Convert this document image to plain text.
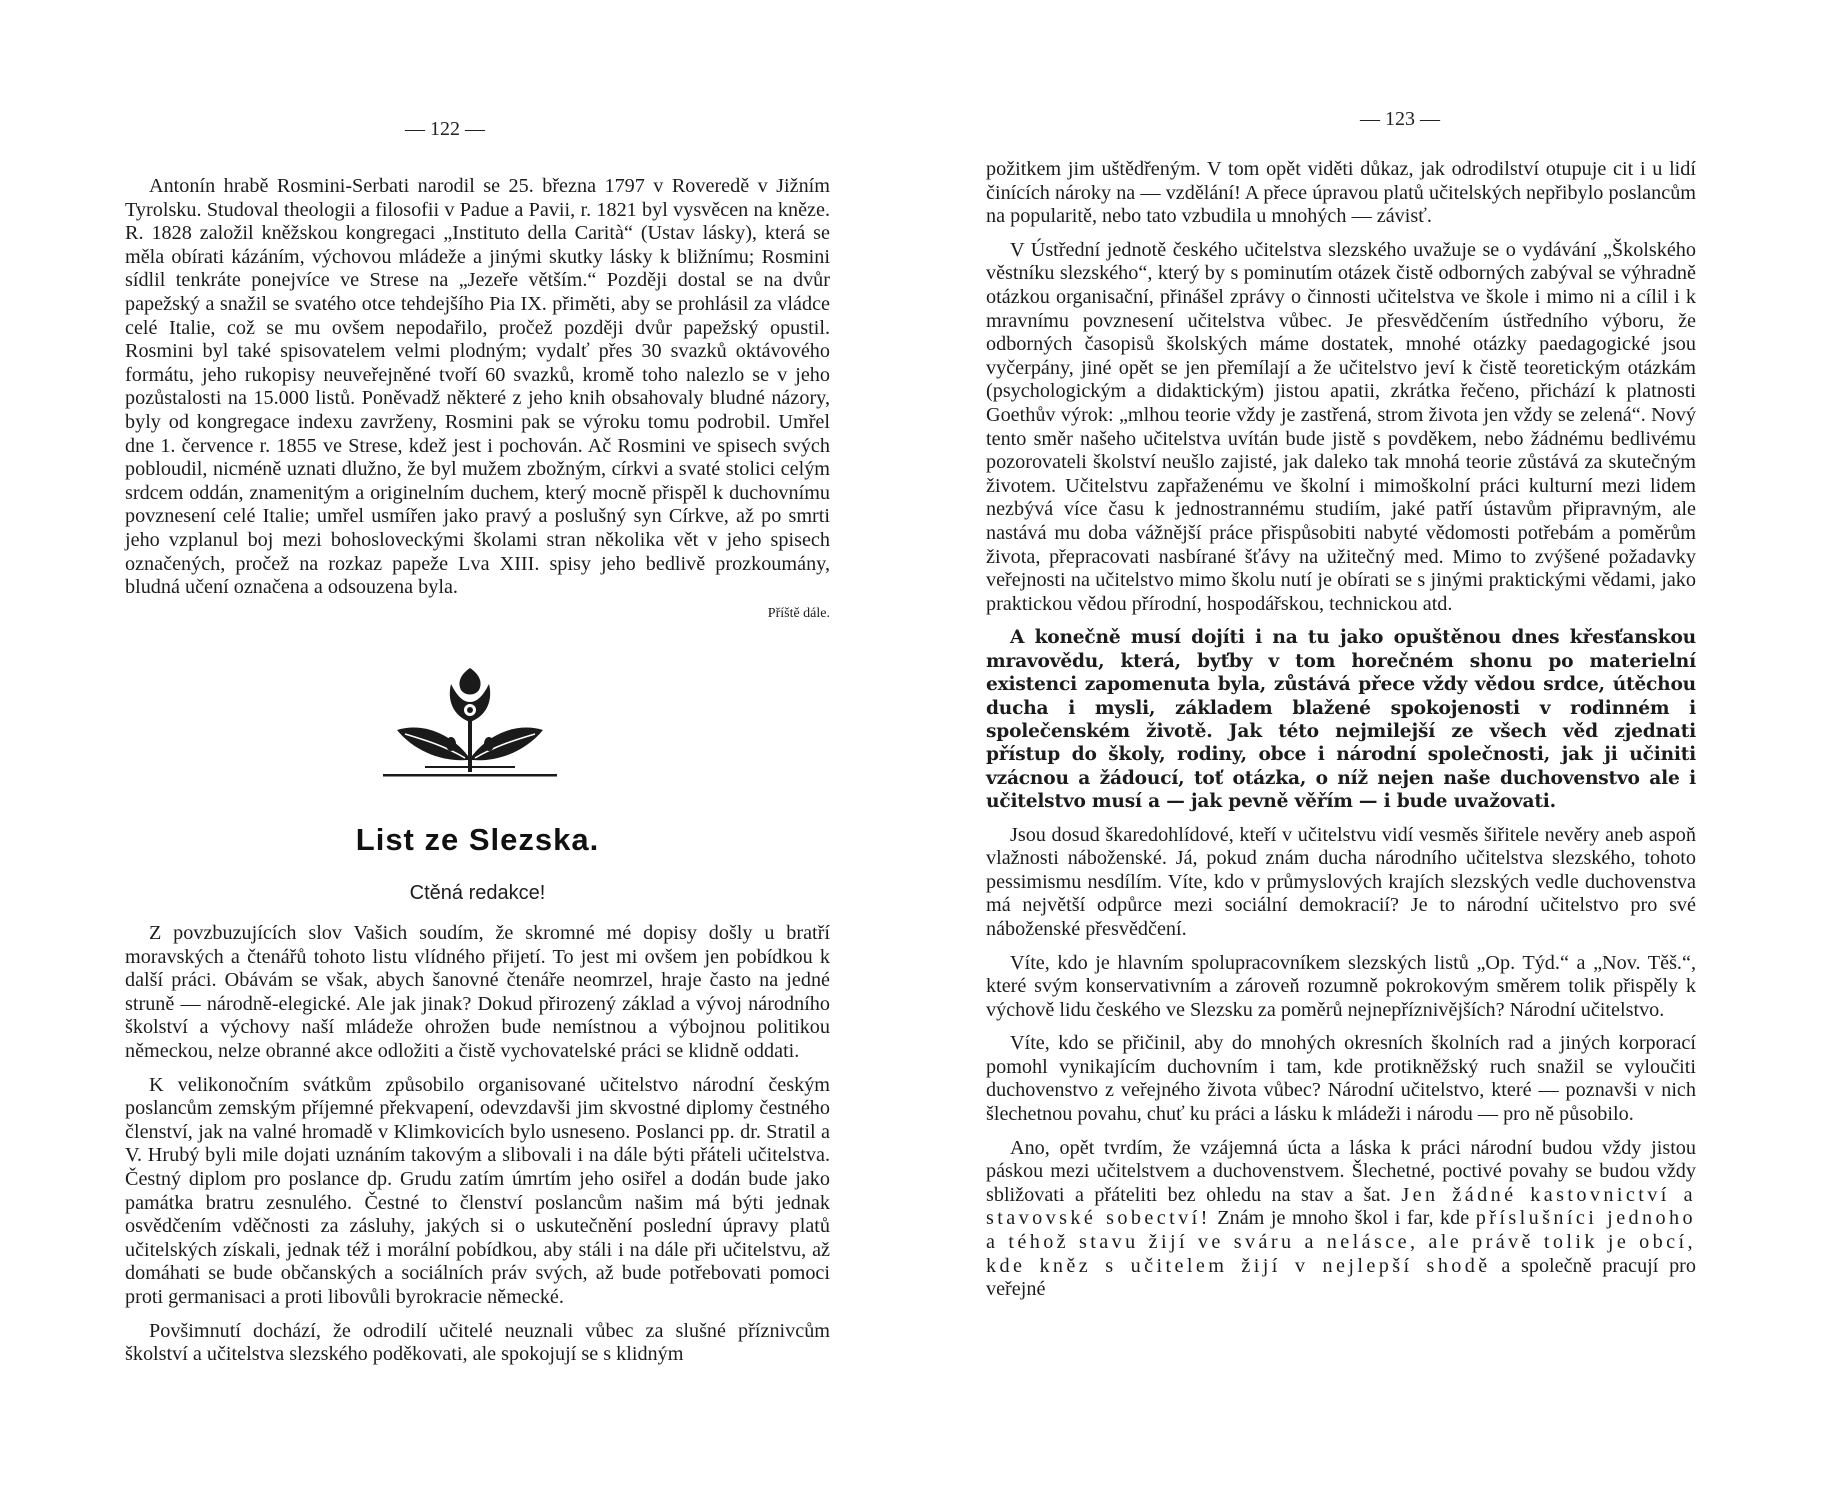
— 122 —

Antonín hrabě Rosmini-Serbati narodil se 25. března 1797 v Roveredě v Jižním Tyrolsku. Studoval theologii a filosofii v Padue a Pavii, r. 1821 byl vysvěcen na kněze. R. 1828 založil kněžskou kongregaci „Instituto della Carità“ (Ustav lásky), která se měla obírati kázáním, výchovou mládeže a jinými skutky lásky k bližnímu; Rosmini sídlil tenkráte ponejvíce ve Strese na „Jezeře větším.“ Později dostal se na dvůr papežský a snažil se svatého otce tehdejšího Pia IX. přiměti, aby se prohlásil za vládce celé Italie, což se mu ovšem nepodařilo, pročež později dvůr papežský opustil. Rosmini byl také spisovatelem velmi plodným; vydalť přes 30 svazků oktávového formátu, jeho rukopisy neuveřejněné tvoří 60 svazků, kromě toho nalezlo se v jeho pozůstalosti na 15.000 listů. Poněvadž některé z jeho knih obsahovaly bludné názory, byly od kongregace indexu zavrženy, Rosmini pak se výroku tomu podrobil. Umřel dne 1. července r. 1855 ve Strese, kdež jest i pochován. Ač Rosmini ve spisech svých pobloudil, nicméně uznati dlužno, že byl mužem zbožným, církvi a svaté stolici celým srdcem oddán, znamenitým a originelním duchem, který mocně přispěl k duchovnímu povznesení celé Italie; umřel usmířen jako pravý a poslušný syn Církve, až po smrti jeho vzplanul boj mezi bohosloveckými školami stran několika vět v jeho spisech označených, pročež na rozkaz papeže Lva XIII. spisy jeho bedlivě prozkoumány, bludná učení označena a odsouzena byla.

Příště dále.
List ze Slezska.
Ctěná redakce!

Z povzbuzujících slov Vašich soudím, že skromné mé dopisy došly u bratří moravských a čtenářů tohoto listu vlídného přijetí. To jest mi ovšem jen pobídkou k další práci. Obávám se však, abych šanovné čtenáře neomrzel, hraje často na jedné struně — národně-elegické. Ale jak jinak? Dokud přirozený základ a vývoj národního školství a výchovy naší mládeže ohrožen bude nemístnou a výbojnou politikou německou, nelze obranné akce odložiti a čistě vychovatelské práci se klidně oddati.

K velikonočním svátkům způsobilo organisované učitelstvo národní českým poslancům zemským příjemné překvapení, odevzdavši jim skvostné diplomy čestného členství, jak na valné hromadě v Klimkovicích bylo usneseno. Poslanci pp. dr. Stratil a V. Hrubý byli mile dojati uznáním takovým a slibovali i na dále býti přáteli učitelstva. Čestný diplom pro poslance dp. Grudu zatím úmrtím jeho osiřel a dodán bude jako památka bratru zesnulého. Čestné to členství poslancům našim má býti jednak osvědčením vděčnosti za zásluhy, jakých si o uskutečnění poslední úpravy platů učitelských získali, jednak též i morální pobídkou, aby stáli i na dále při učitelstvu, až domáhati se bude občanských a sociálních práv svých, až bude potřebovati pomoci proti germanisaci a proti libovůli byrokracie německé.

Povšimnutí dochází, že odrodilí učitelé neuznali vůbec za slušné příznivcům školství a učitelstva slezského poděkovati, ale spokojují se s klidným

— 123 —

požitkem jim uštědřeným. V tom opět viděti důkaz, jak odrodilství otupuje cit i u lidí činících nároky na — vzdělání! A přece úpravou platů učitelských nepřibylo poslancům na popularitě, nebo tato vzbudila u mnohých — závisť.

V Ústřední jednotě českého učitelstva slezského uvažuje se o vydávání „Školského věstníku slezského“, který by s pominutím otázek čistě odborných zabýval se výhradně otázkou organisační, přinášel zprávy o činnosti učitelstva ve škole i mimo ni a cílil i k mravnímu povznesení učitelstva vůbec. Je přesvědčením ústředního výboru, že odborných časopisů školských máme dostatek, mnohé otázky paedagogické jsou vyčerpány, jiné opět se jen přemílají a že učitelstvo jeví k čistě teoretickým otázkám (psychologickým a didaktickým) jistou apatii, zkrátka řečeno, přichází k platnosti Goethův výrok: „mlhou teorie vždy je zastřená, strom života jen vždy se zelená“. Nový tento směr našeho učitelstva uvítán bude jistě s povděkem, nebo žádnému bedlivému pozorovateli školství neušlo zajisté, jak daleko tak mnohá teorie zůstává za skutečným životem. Učitelstvu zapřaženému ve školní i mimoškolní práci kulturní mezi lidem nezbývá více času k jednostrannému studiím, jaké patří ústavům připravným, ale nastává mu doba vážnější práce přispůsobiti nabyté vědomosti potřebám a poměrům života, přepracovati nasbírané šťávy na užitečný med. Mimo to zvýšené požadavky veřejnosti na učitelstvo mimo školu nutí je obírati se s jinými praktickými vědami, jako praktickou vědou přírodní, hospodářskou, technickou atd.

A konečně musí dojíti i na tu jako opuštěnou dnes křesťanskou mravovědu, která, byťby v tom horečném shonu po materielní existenci zapomenuta byla, zůstává přece vždy vědou srdce, útěchou ducha i mysli, základem blažené spokojenosti v rodinném i společenském životě. Jak této nejmilejší ze všech věd zjednati přístup do školy, rodiny, obce i národní společnosti, jak ji učiniti vzácnou a žádoucí, toť otázka, o níž nejen naše duchovenstvo ale i učitelstvo musí a — jak pevně věřím — i bude uvažovati.

Jsou dosud škaredohlídové, kteří v učitelstvu vidí vesměs šiřitele nevěry aneb aspoň vlažnosti náboženské. Já, pokud znám ducha národního učitelstva slezského, tohoto pessimismu nesdílím. Víte, kdo v průmyslových krajích slezských vedle duchovenstva má největší odpůrce mezi sociální demokracií? Je to národní učitelstvo pro své náboženské přesvědčení.

Víte, kdo je hlavním spolupracovníkem slezských listů „Op. Týd.“ a „Nov. Těš.“, které svým konservativním a zároveň rozumně pokrokovým směrem tolik přispěly k výchově lidu českého ve Slezsku za poměrů nejnepříznivějších? Národní učitelstvo.

Víte, kdo se přičinil, aby do mnohých okresních školních rad a jiných korporací pomohl vynikajícím duchovním i tam, kde protikněžský ruch snažil se vyloučiti duchovenstvo z veřejného života vůbec? Národní učitelstvo, které — poznavši v nich šlechetnou povahu, chuť ku práci a lásku k mládeži i národu — pro ně působilo.

Ano, opět tvrdím, že vzájemná úcta a láska k práci národní budou vždy jistou páskou mezi učitelstvem a duchovenstvem. Šlechetné, poctivé povahy se budou vždy sbližovati a přáteliti bez ohledu na stav a šat. Jen žádné kastovnictví a stavovské sobectví! Znám je mnoho škol i far, kde příslušníci jednoho a téhož stavu žijí ve sváru a nelásce, ale právě tolik je obcí, kde kněz s učitelem žijí v nejlepší shodě a společně pracují pro veřejné
